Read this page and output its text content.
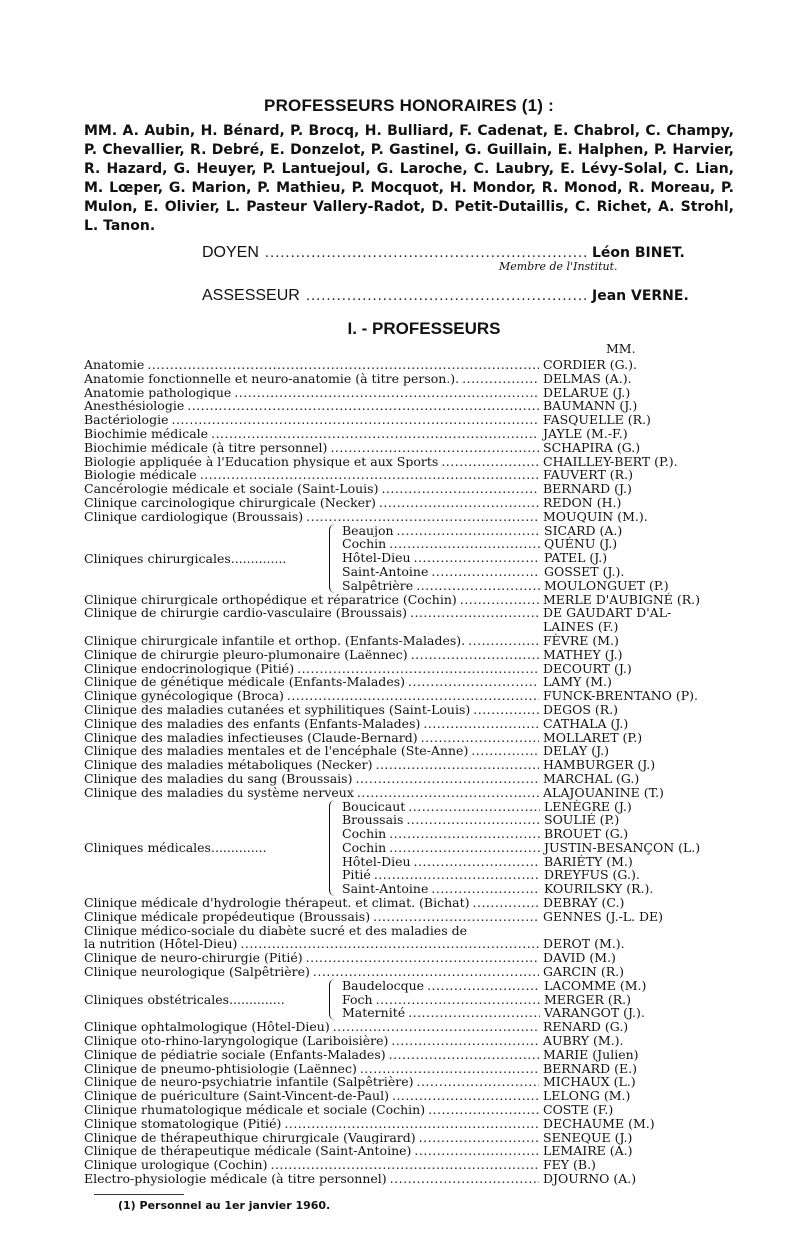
PROFESSEURS HONORAIRES (1) :

MM. A. Aubin, H. Bénard, P. Brocq, H. Bulliard, F. Cadenat, E. Chabrol, C. Champy, P. Chevallier, R. Debré, E. Donzelot, P. Gastinel, G. Guillain, E. Halphen, P. Harvier, R. Hazard, G. Heuyer, P. Lantuejoul, G. Laroche, C. Laubry, E. Lévy-Solal, C. Lian, M. Lœper, G. Marion, P. Mathieu, P. Mocquot, H. Mondor, R. Monod, R. Moreau, P. Mulon, E. Olivier, L. Pasteur Vallery-Radot, D. Petit-Dutaillis, C. Richet, A. Strohl, L. Tanon.

DOYEN .....	Léon BINET.
Membre de l'Institut.
ASSESSEUR .....	Jean VERNE.
I. - PROFESSEURS
MM.
Anatomie .....	CORDIER (G.).
Anatomie fonctionnelle et neuro-anatomie (à titre person.). .....	DELMAS (A.).
Anatomie pathologique .....	DELARUE (J.)
Anesthésiologie .....	BAUMANN (J.)
Bactériologie .....	FASQUELLE (R.)
Biochimie médicale .....	JAYLE (M.-F.)
Biochimie médicale (à titre personnel) .....	SCHAPIRA (G.)
Biologie appliquée à l'Education physique et aux Sports .....	CHAILLEY-BERT (P.).
Biologie médicale .....	FAUVERT (R.)
Cancérologie médicale et sociale (Saint-Louis) .....	BERNARD (J.)
Clinique carcinologique chirurgicale (Necker) .....	REDON (H.)
Clinique cardiologique (Broussais) .....	MOUQUIN (M.).
Cliniques chirurgicales
.....
Beaujon .....	SICARD (A.)
Cochin .....	QUÉNU (J.)
Hôtel-Dieu .....	PATEL (J.)
Saint-Antoine .....	GOSSET (J.).
Salpêtrière .....	MOULONGUET (P.)
Clinique chirurgicale orthopédique et réparatrice (Cochin) .....	MERLE D'AUBIGNÉ (R.)
Clinique de chirurgie cardio-vasculaire (Broussais) .....	DE GAUDART D'AL-
LAINES (F.)
Clinique chirurgicale infantile et orthop. (Enfants-Malades). .....	FÈVRE (M.)
Clinique de chirurgie pleuro-plumonaire (Laënnec) .....	MATHEY (J.)
Clinique endocrinologique (Pitié) .....	DECOURT (J.)
Clinique de génétique médicale (Enfants-Malades) .....	LAMY (M.)
Clinique gynécologique (Broca) .....	FUNCK-BRENTANO (P).
Clinique des maladies cutanées et syphilitiques (Saint-Louis) .....	DEGOS (R.)
Clinique des maladies des enfants (Enfants-Malades) .....	CATHALA (J.)
Clinique des maladies infectieuses (Claude-Bernard) .....	MOLLARET (P.)
Clinique des maladies mentales et de l'encéphale (Ste-Anne) .....	DELAY (J.)
Clinique des maladies métaboliques (Necker) .....	HAMBURGER (J.)
Clinique des maladies du sang (Broussais) .....	MARCHAL (G.)
Clinique des maladies du système nerveux .....	ALAJOUANINE (T.)
Cliniques médicales
.....
Boucicaut .....	LENÈGRE (J.)
Broussais .....	SOULIÉ (P.)
Cochin .....	BROUET (G.)
Cochin .....	JUSTIN-BESANÇON (L.)
Hôtel-Dieu .....	BARIÉTY (M.)
Pitié .....	DREYFUS (G.).
Saint-Antoine .....	KOURILSKY (R.).
Clinique médicale d'hydrologie thérapeut. et climat. (Bichat) .....	DEBRAY (C.)
Clinique médicale propédeutique (Broussais) .....	GENNES (J.-L. DE)
Clinique médico-sociale du diabète sucré et des maladies de
la nutrition (Hôtel-Dieu) .....	DEROT (M.).
Clinique de neuro-chirurgie (Pitié) .....	DAVID (M.)
Clinique neurologique (Salpêtrière) .....	GARCIN (R.)
Cliniques obstétricales
.....
Baudelocque .....	LACOMME (M.)
Foch .....	MERGER (R.)
Maternité .....	VARANGOT (J.).
Clinique ophtalmologique (Hôtel-Dieu) .....	RENARD (G.)
Clinique oto-rhino-laryngologique (Lariboisière) .....	AUBRY (M.).
Clinique de pédiatrie sociale (Enfants-Malades) .....	MARIE (Julien)
Clinique de pneumo-phtisiologie (Laënnec) .....	BERNARD (E.)
Clinique de neuro-psychiatrie infantile (Salpêtrière) .....	MICHAUX (L.)
Clinique de puériculture (Saint-Vincent-de-Paul) .....	LELONG (M.)
Clinique rhumatologique médicale et sociale (Cochin) .....	COSTE (F.)
Clinique stomatologique (Pitié) .....	DECHAUME (M.)
Clinique de thérapeuthique chirurgicale (Vaugirard) .....	SENEQUE (J.)
Clinique de thérapeutique médicale (Saint-Antoine) .....	LEMAIRE (A.)
Clinique urologique (Cochin) .....	FEY (B.)
Electro-physiologie médicale (à titre personnel) .....	DJOURNO (A.)
(1) Personnel au 1er janvier 1960.
